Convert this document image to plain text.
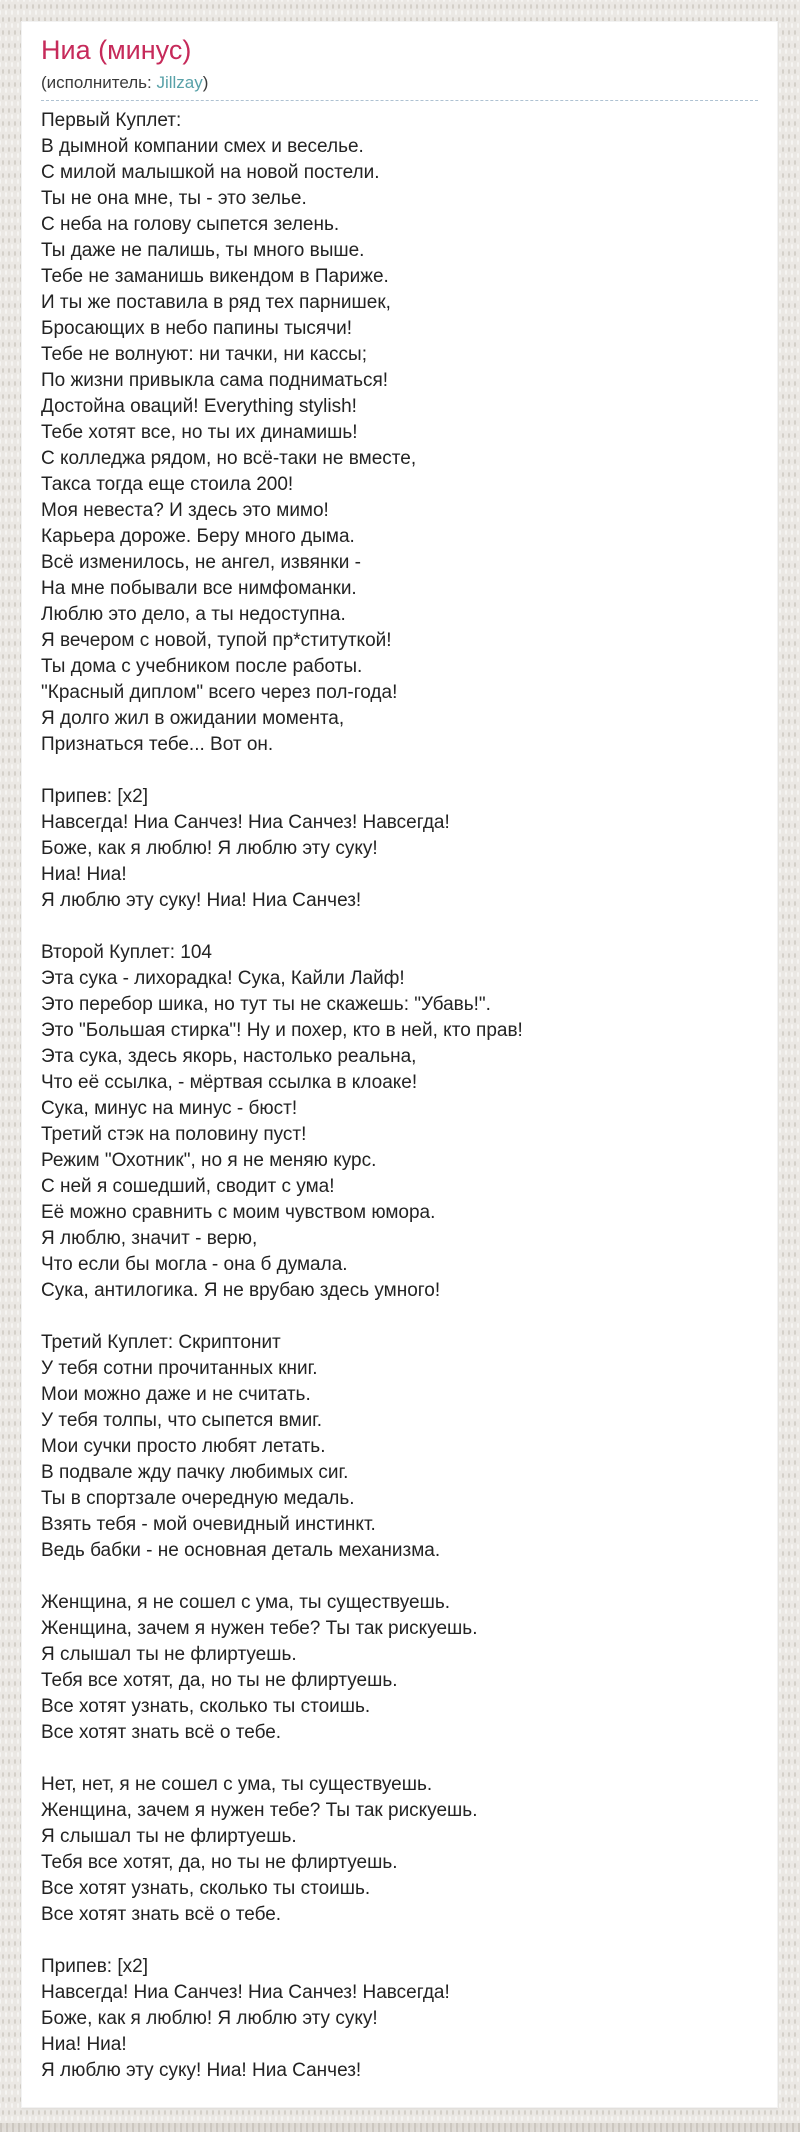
Ниа (минус)
(исполнитель: Jillzay)
Первый Куплет:
В дымной компании смех и веселье.
С милой малышкой на новой постели.
Ты не она мне, ты - это зелье.
С неба на голову сыпется зелень.
Ты даже не палишь, ты много выше.
Тебе не заманишь викендом в Париже.
И ты же поставила в ряд тех парнишек,
Бросающих в небо папины тысячи!
Тебе не волнуют: ни тачки, ни кассы;
По жизни привыкла сама подниматься!
Достойна оваций! Everything stylish!
Тебе хотят все, но ты их динамишь!
С колледжа рядом, но всё-таки не вместе,
Такса тогда еще стоила 200!
Моя невеста? И здесь это мимо!
Карьера дороже. Беру много дыма.
Всё изменилось, не ангел, извянки -
На мне побывали все нимфоманки.
Люблю это дело, а ты недоступна.
Я вечером с новой, тупой пр*ституткой!
Ты дома с учебником после работы.
"Красный диплом" всего через пол-года!
Я долго жил в ожидании момента,
Признаться тебе... Вот он.
Припев: [x2]
Навсегда! Ниа Санчез! Ниа Санчез! Навсегда!
Боже, как я люблю! Я люблю эту суку!
Ниа! Ниа!
Я люблю эту суку! Ниа! Ниа Санчез!
Второй Куплет: 104
Эта сука - лихорадка! Сука, Кайли Лайф!
Это перебор шика, но тут ты не скажешь: "Убавь!".
Это "Большая стирка"! Ну и похер, кто в ней, кто прав!
Эта сука, здесь якорь, настолько реальна,
Что её ссылка, - мёртвая ссылка в клоаке!
Сука, минус на минус - бюст!
Третий стэк на половину пуст!
Режим "Охотник", но я не меняю курс.
С ней я сошедший, сводит с ума!
Её можно сравнить с моим чувством юмора.
Я люблю, значит - верю,
Что если бы могла - она б думала.
Сука, антилогика. Я не врубаю здесь умного!
Третий Куплет: Скриптонит
У тебя сотни прочитанных книг.
Мои можно даже и не считать.
У тебя толпы, что сыпется вмиг.
Мои сучки просто любят летать.
В подвале жду пачку любимых сиг.
Ты в спортзале очередную медаль.
Взять тебя - мой очевидный инстинкт.
Ведь бабки - не основная деталь механизма.
Женщина, я не сошел с ума, ты существуешь.
Женщина, зачем я нужен тебе? Ты так рискуешь.
Я слышал ты не флиртуешь.
Тебя все хотят, да, но ты не флиртуешь.
Все хотят узнать, сколько ты стоишь.
Все хотят знать всё о тебе.
Нет, нет, я не сошел с ума, ты существуешь.
Женщина, зачем я нужен тебе? Ты так рискуешь.
Я слышал ты не флиртуешь.
Тебя все хотят, да, но ты не флиртуешь.
Все хотят узнать, сколько ты стоишь.
Все хотят знать всё о тебе.
Припев: [x2]
Навсегда! Ниа Санчез! Ниа Санчез! Навсегда!
Боже, как я люблю! Я люблю эту суку!
Ниа! Ниа!
Я люблю эту суку! Ниа! Ниа Санчез!
